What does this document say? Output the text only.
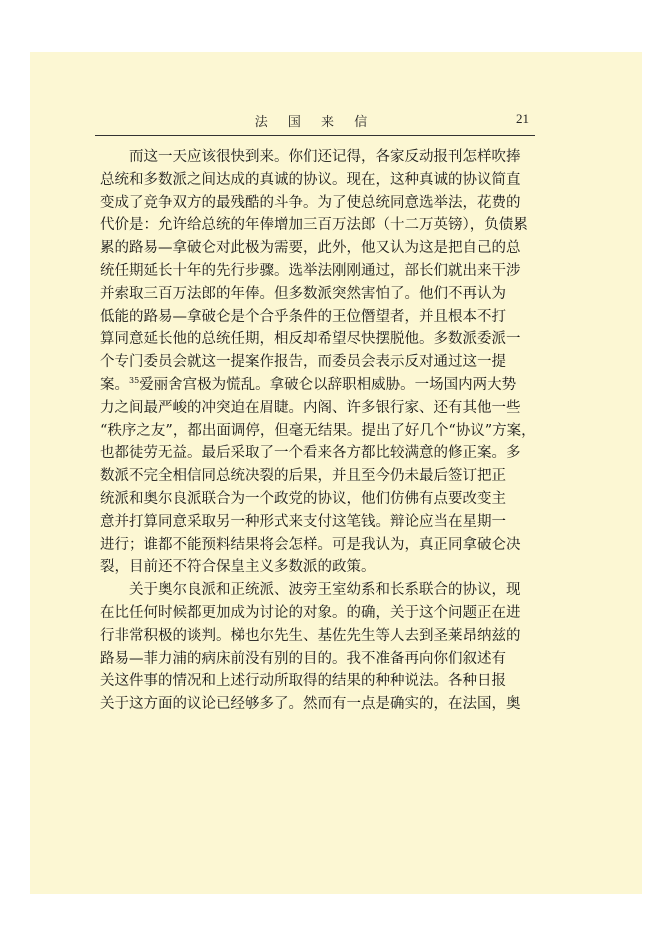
法 国 来 信	21
　　而这一天应该很快到来。你们还记得，各家反动报刊怎样吹捧
总统和多数派之间达成的真诚的协议。现在，这种真诚的协议简直
变成了竞争双方的最残酷的斗争。为了使总统同意选举法，花费的
代价是：允许给总统的年俸增加三百万法郎（十二万英镑），负债累
累的路易—拿破仑对此极为需要，此外，他又认为这是把自己的总
统任期延长十年的先行步骤。选举法刚刚通过，部长们就出来干涉
并索取三百万法郎的年俸。但多数派突然害怕了。他们不再认为
低能的路易—拿破仑是个合乎条件的王位僭望者，并且根本不打
算同意延长他的总统任期，相反却希望尽快摆脱他。多数派委派一
个专门委员会就这一提案作报告，而委员会表示反对通过这一提
案。$^{35}$爱丽舍宫极为慌乱。拿破仑以辞职相威胁。一场国内两大势
力之间最严峻的冲突迫在眉睫。内阁、许多银行家、还有其他一些
“秩序之友”，都出面调停，但毫无结果。提出了好几个“协议”方案，
也都徒劳无益。最后采取了一个看来各方都比较满意的修正案。多
数派不完全相信同总统决裂的后果，并且至今仍未最后签订把正
统派和奥尔良派联合为一个政党的协议，他们仿佛有点要改变主
意并打算同意采取另一种形式来支付这笔钱。辩论应当在星期一
进行；谁都不能预料结果将会怎样。可是我认为，真正同拿破仑决
裂，目前还不符合保皇主义多数派的政策。
　　关于奥尔良派和正统派、波旁王室幼系和长系联合的协议，现
在比任何时候都更加成为讨论的对象。的确，关于这个问题正在进
行非常积极的谈判。梯也尔先生、基佐先生等人去到圣莱昂纳兹的
路易—菲力浦的病床前没有别的目的。我不准备再向你们叙述有
关这件事的情况和上述行动所取得的结果的种种说法。各种日报
关于这方面的议论已经够多了。然而有一点是确实的，在法国，奥
